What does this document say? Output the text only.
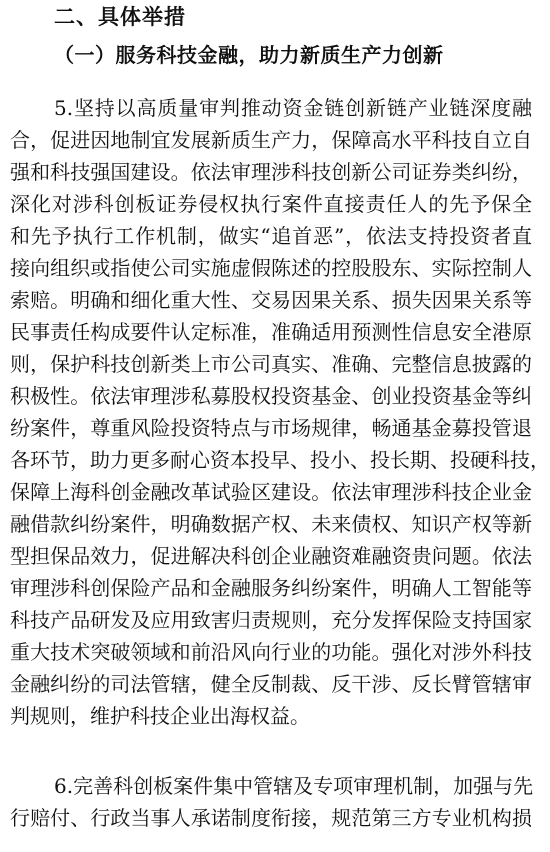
二、具体举措
（一）服务科技金融，助力新质生产力创新
5.坚持以高质量审判推动资金链创新链产业链深度融
合，促进因地制宜发展新质生产力，保障高水平科技自立自
强和科技强国建设。依法审理涉科技创新公司证券类纠纷，
深化对涉科创板证券侵权执行案件直接责任人的先予保全
和先予执行工作机制，做实“追首恶”，依法支持投资者直
接向组织或指使公司实施虚假陈述的控股股东、实际控制人
索赔。明确和细化重大性、交易因果关系、损失因果关系等
民事责任构成要件认定标准，准确适用预测性信息安全港原
则，保护科技创新类上市公司真实、准确、完整信息披露的
积极性。依法审理涉私募股权投资基金、创业投资基金等纠
纷案件，尊重风险投资特点与市场规律，畅通基金募投管退
各环节，助力更多耐心资本投早、投小、投长期、投硬科技，
保障上海科创金融改革试验区建设。依法审理涉科技企业金
融借款纠纷案件，明确数据产权、未来债权、知识产权等新
型担保品效力，促进解决科创企业融资难融资贵问题。依法
审理涉科创保险产品和金融服务纠纷案件，明确人工智能等
科技产品研发及应用致害归责规则，充分发挥保险支持国家
重大技术突破领域和前沿风向行业的功能。强化对涉外科技
金融纠纷的司法管辖，健全反制裁、反干涉、反长臂管辖审
判规则，维护科技企业出海权益。
6.完善科创板案件集中管辖及专项审理机制，加强与先
行赔付、行政当事人承诺制度衔接，规范第三方专业机构损
